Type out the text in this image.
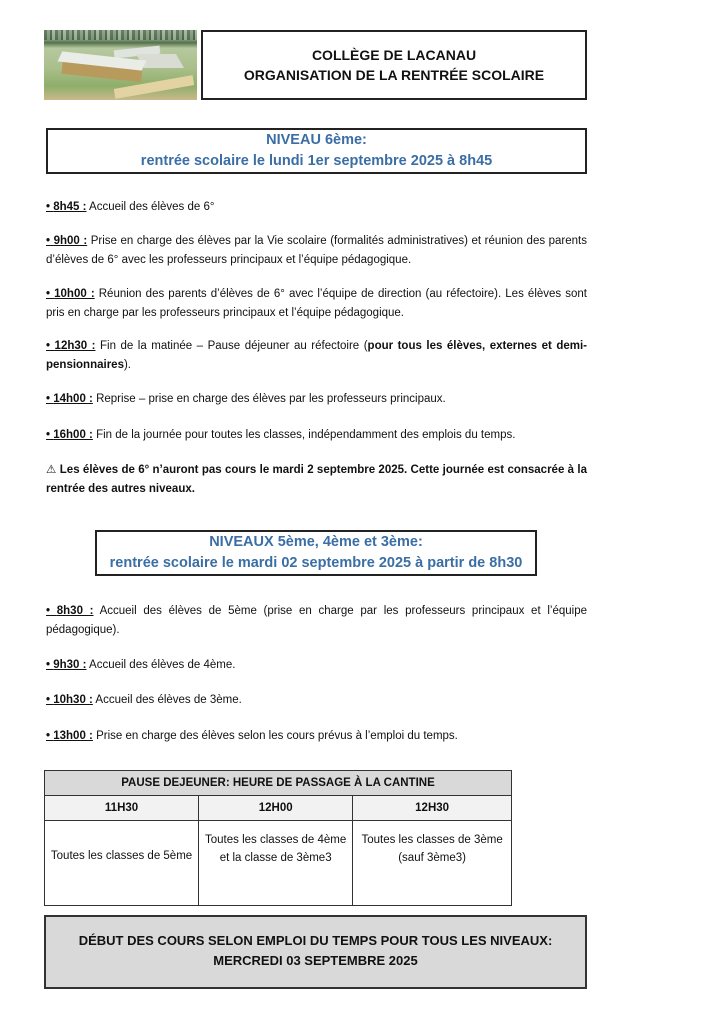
COLLÈGE DE LACANAU
ORGANISATION DE LA RENTRÉE SCOLAIRE
NIVEAU 6ème:
rentrée scolaire le lundi 1er septembre 2025 à 8h45
• 8h45 : Accueil des élèves de 6°
• 9h00 : Prise en charge des élèves par la Vie scolaire (formalités administratives) et réunion des parents d’élèves de 6° avec les professeurs principaux et l’équipe pédagogique.
• 10h00 : Réunion des parents d’élèves de 6° avec l’équipe de direction (au réfectoire). Les élèves sont pris en charge par les professeurs principaux et l’équipe pédagogique.
• 12h30 : Fin de la matinée – Pause déjeuner au réfectoire (pour tous les élèves, externes et demi-pensionnaires).
• 14h00 : Reprise – prise en charge des élèves par les professeurs principaux.
• 16h00 : Fin de la journée pour toutes les classes, indépendamment des emplois du temps.
⚠ Les élèves de 6° n’auront pas cours le mardi 2 septembre 2025. Cette journée est consacrée à la rentrée des autres niveaux.
NIVEAUX 5ème, 4ème et 3ème:
rentrée scolaire le mardi 02 septembre 2025 à partir de 8h30
• 8h30 : Accueil des élèves de 5ème (prise en charge par les professeurs principaux et l’équipe pédagogique).
• 9h30 : Accueil des élèves de 4ème.
• 10h30 : Accueil des élèves de 3ème.
• 13h00 : Prise en charge des élèves selon les cours prévus à l’emploi du temps.
PAUSE DEJEUNER: HEURE DE PASSAGE À LA CANTINE		
11H30	12H00	12H30
Toutes les classes de 5ème	Toutes les classes de 4ème et la classe de 3ème3	Toutes les classes de 3ème (sauf 3ème3)
DÉBUT DES COURS SELON EMPLOI DU TEMPS POUR TOUS LES NIVEAUX:
MERCREDI 03 SEPTEMBRE 2025
